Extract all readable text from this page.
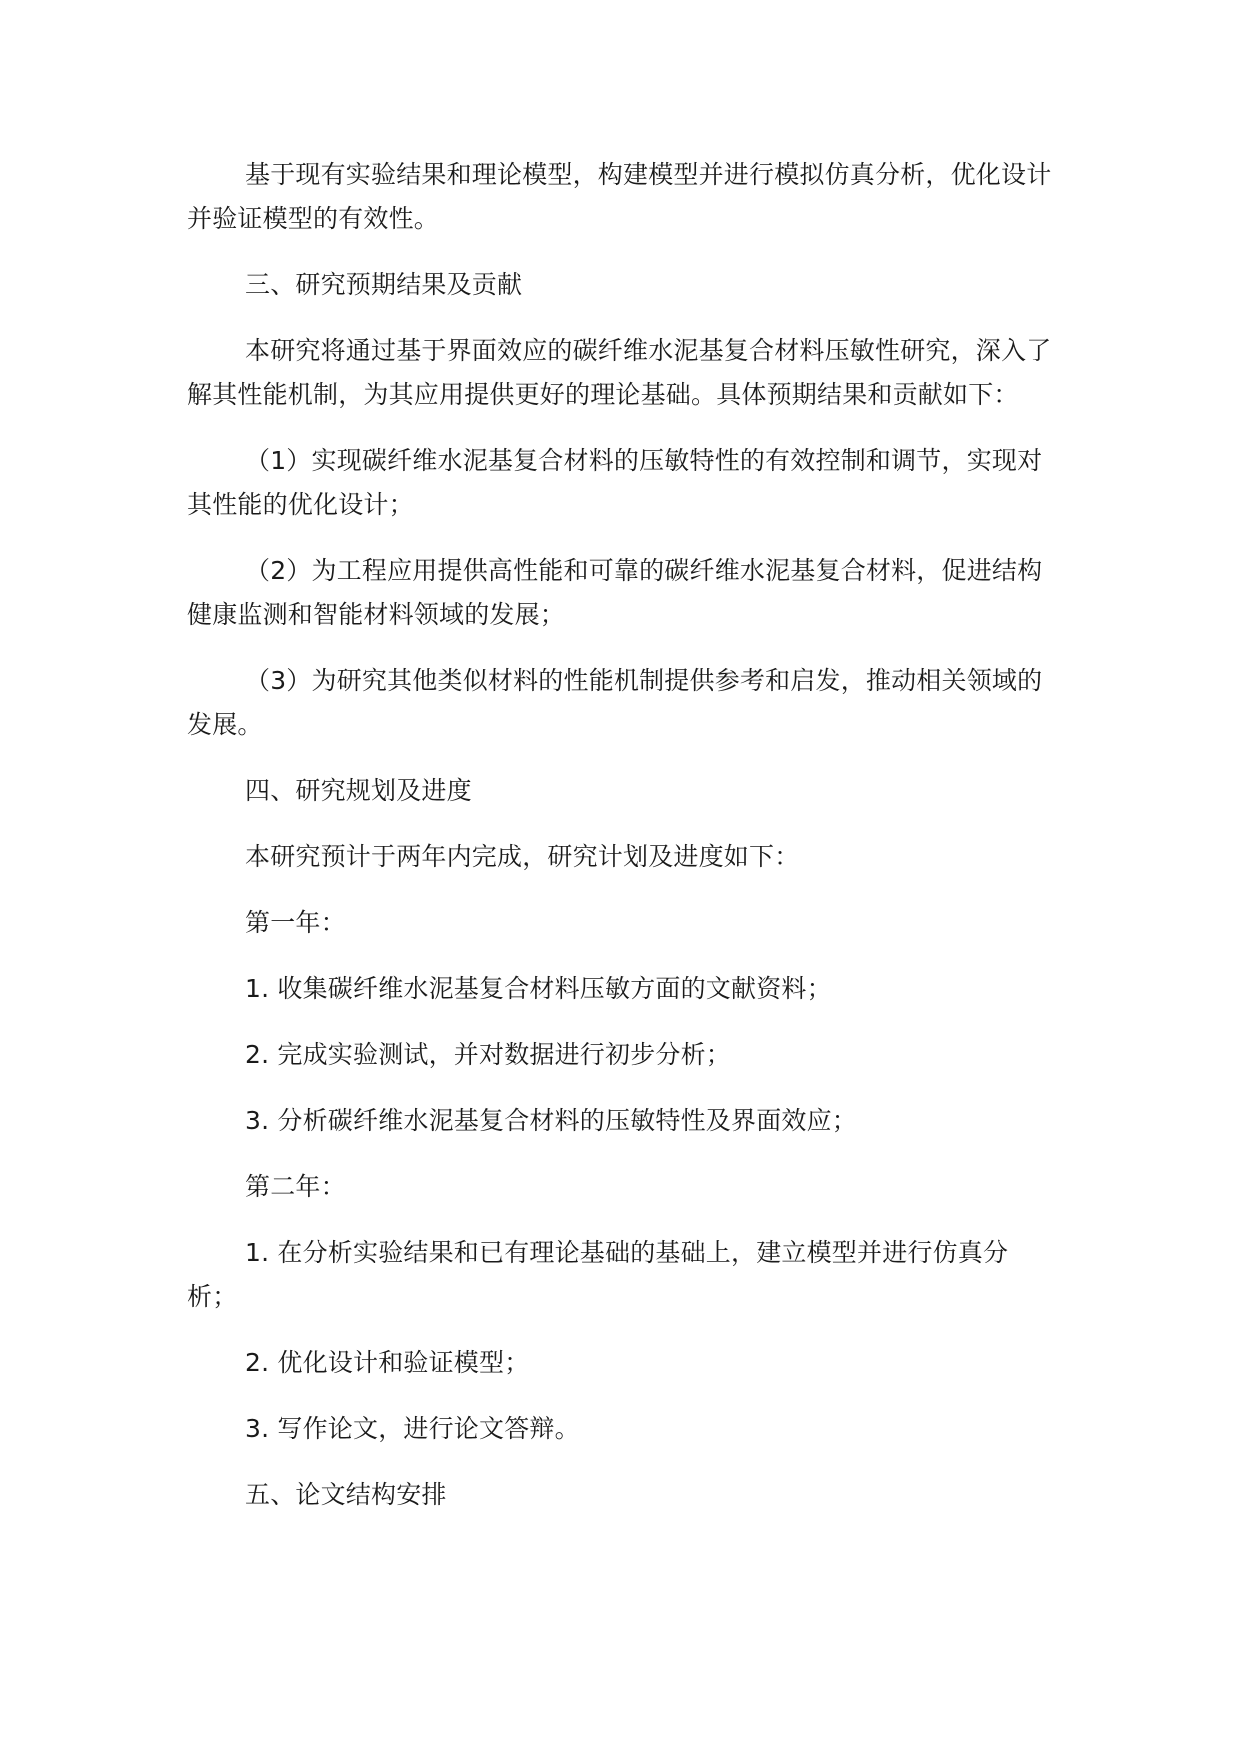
基于现有实验结果和理论模型，构建模型并进行模拟仿真分析，优化设计并验证模型的有效性。

三、研究预期结果及贡献

本研究将通过基于界面效应的碳纤维水泥基复合材料压敏性研究，深入了解其性能机制，为其应用提供更好的理论基础。具体预期结果和贡献如下：

（1）实现碳纤维水泥基复合材料的压敏特性的有效控制和调节，实现对其性能的优化设计；

（2）为工程应用提供高性能和可靠的碳纤维水泥基复合材料，促进结构健康监测和智能材料领域的发展；

（3）为研究其他类似材料的性能机制提供参考和启发，推动相关领域的发展。

四、研究规划及进度

本研究预计于两年内完成，研究计划及进度如下：

第一年：

1. 收集碳纤维水泥基复合材料压敏方面的文献资料；

2. 完成实验测试，并对数据进行初步分析；

3. 分析碳纤维水泥基复合材料的压敏特性及界面效应；

第二年：

1. 在分析实验结果和已有理论基础的基础上，建立模型并进行仿真分析；

2. 优化设计和验证模型；

3. 写作论文，进行论文答辩。

五、论文结构安排
